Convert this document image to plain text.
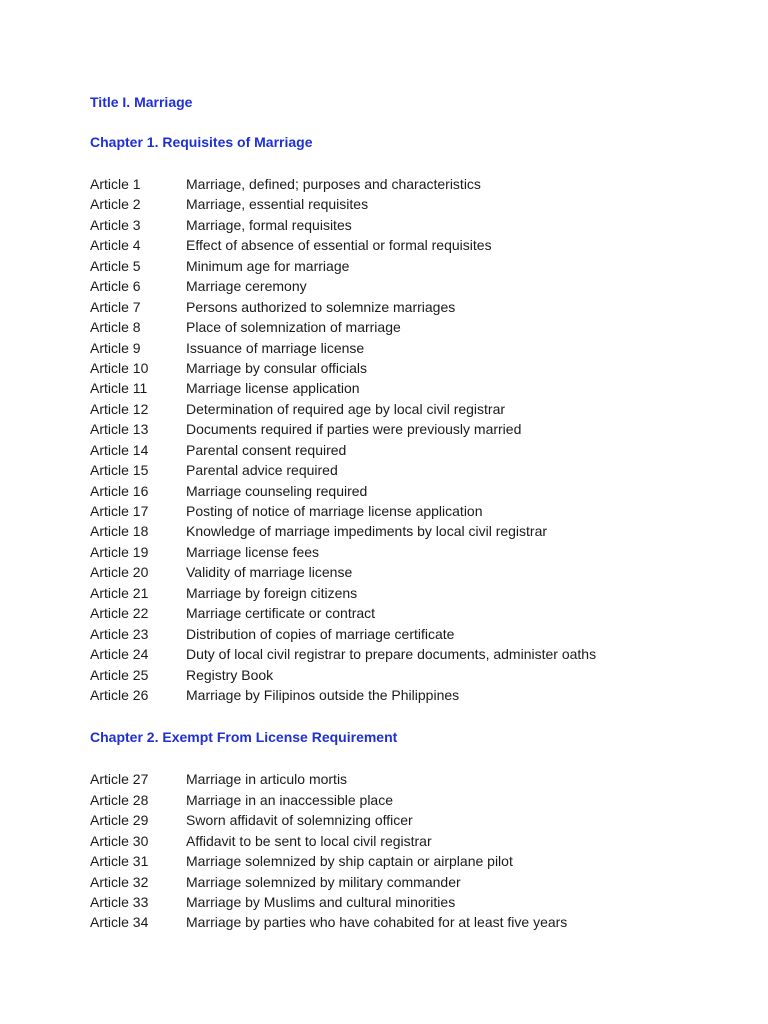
Title I. Marriage
Chapter 1. Requisites of Marriage
Article 1	Marriage, defined; purposes and characteristics
Article 2	Marriage, essential requisites
Article 3	Marriage, formal requisites
Article 4	Effect of absence of essential or formal requisites
Article 5	Minimum age for marriage
Article 6	Marriage ceremony
Article 7	Persons authorized to solemnize marriages
Article 8	Place of solemnization of marriage
Article 9	Issuance of marriage license
Article 10	Marriage by consular officials
Article 11	Marriage license application
Article 12	Determination of required age by local civil registrar
Article 13	Documents required if parties were previously married
Article 14	Parental consent required
Article 15	Parental advice required
Article 16	Marriage counseling required
Article 17	Posting of notice of marriage license application
Article 18	Knowledge of marriage impediments by local civil registrar
Article 19	Marriage license fees
Article 20	Validity of marriage license
Article 21	Marriage by foreign citizens
Article 22	Marriage certificate or contract
Article 23	Distribution of copies of marriage certificate
Article 24	Duty of local civil registrar to prepare documents, administer oaths
Article 25	Registry Book
Article 26	Marriage by Filipinos outside the Philippines
Chapter 2. Exempt From License Requirement
Article 27	Marriage in articulo mortis
Article 28	Marriage in an inaccessible place
Article 29	Sworn affidavit of solemnizing officer
Article 30	Affidavit to be sent to local civil registrar
Article 31	Marriage solemnized by ship captain or airplane pilot
Article 32	Marriage solemnized by military commander
Article 33	Marriage by Muslims and cultural minorities
Article 34	Marriage by parties who have cohabited for at least five years
